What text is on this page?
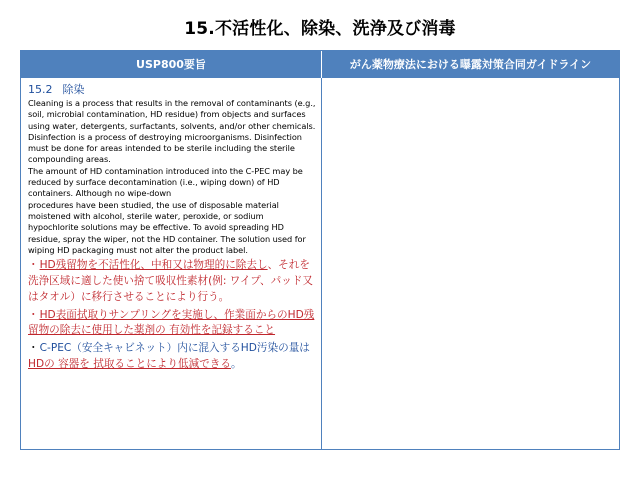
15.不活性化、除染、洗浄及び消毒
USP800要旨	がん薬物療法における曝露対策合同ガイドライン
15.2 除染

Cleaning is a process that results in the removal of contaminants (e.g., soil, microbial contamination, HD residue) from objects and surfaces using water, detergents, surfactants, solvents, and/or other chemicals. Disinfection is a process of destroying microorganisms. Disinfection must be done for areas intended to be sterile including the sterile compounding areas.

The amount of HD contamination introduced into the C-PEC may be reduced by surface decontamination (i.e., wiping down) of HD containers. Although no wipe-down

procedures have been studied, the use of disposable material moistened with alcohol, sterile water, peroxide, or sodium hypochlorite solutions may be effective. To avoid spreading HD residue, spray the wiper, not the HD container. The solution used for wiping HD packaging must not alter the product label.

・HD残留物を不活性化、中和又は物理的に除去し、それを洗浄区域に適した使い捨て吸収性素材(例: ワイプ、パッド又はタオル）に移行させることにより行う。
・HD表面拭取りサンプリングを実施し、作業面からのHD残留物の除去に使用した薬剤の 有効性を記録すること
・C-PEC（安全キャビネット）内に混入するHD汚染の量はHDの 容器を 拭取ることにより低減できる。
